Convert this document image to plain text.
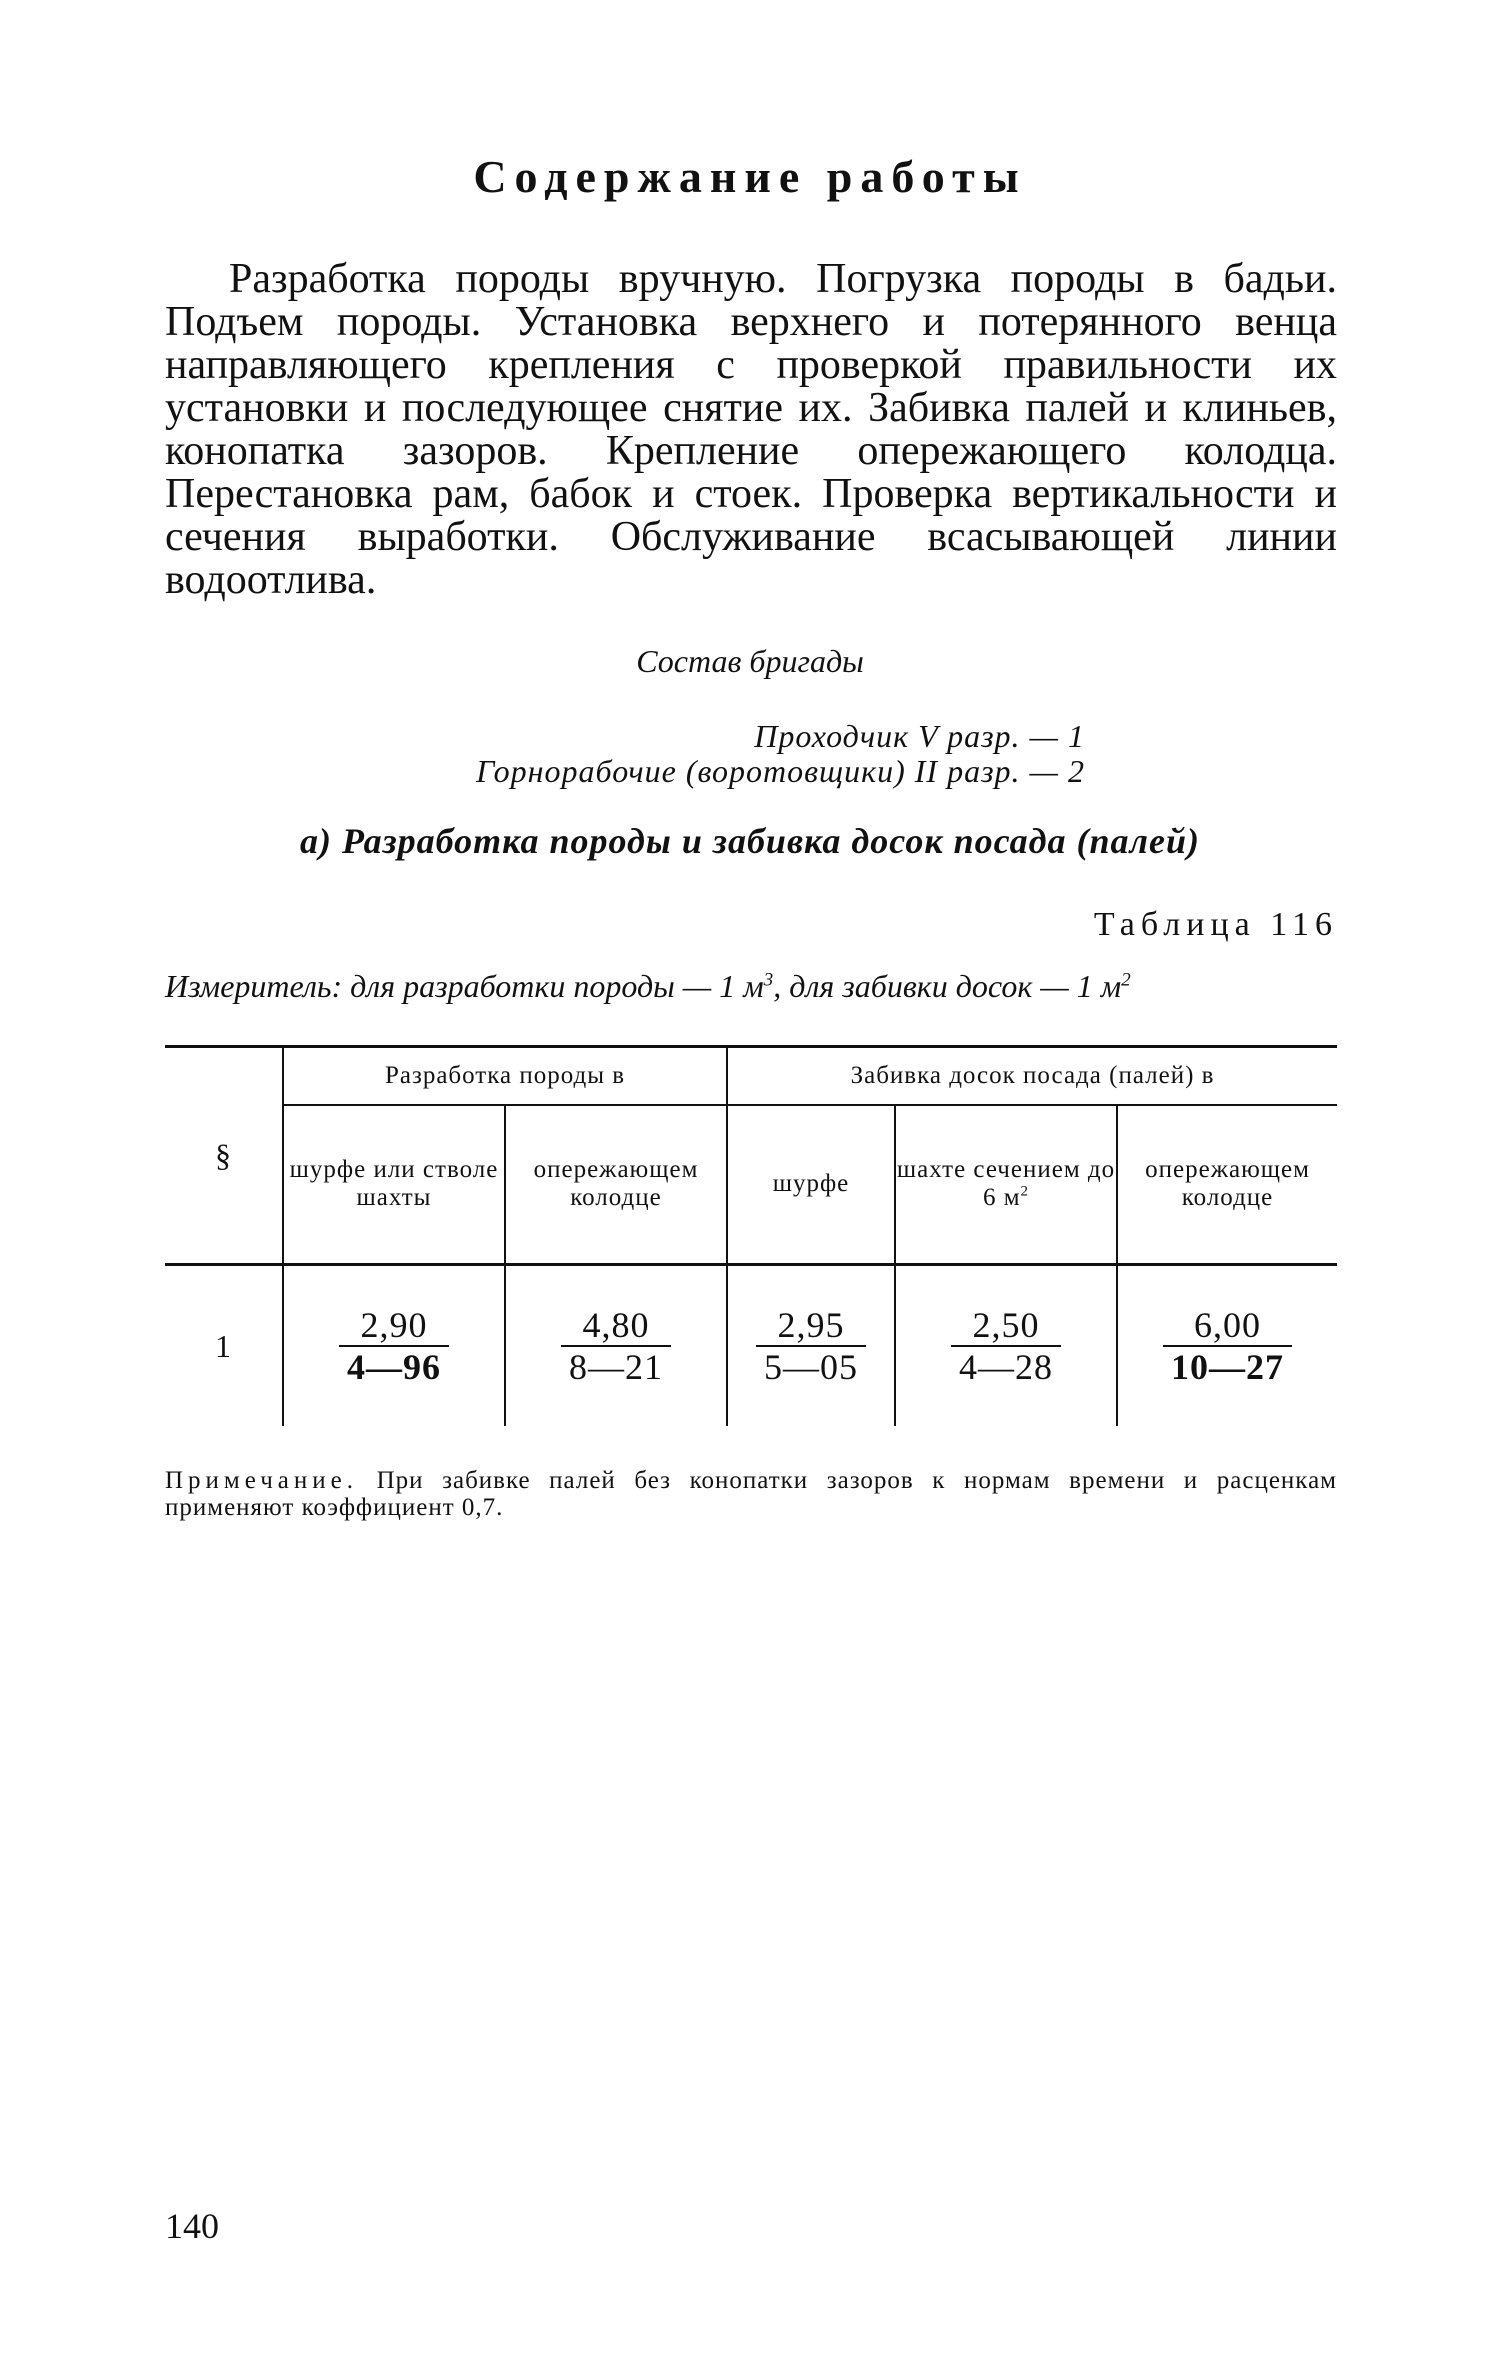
Содержание работы

Разработка породы вручную. Погрузка породы в бадьи. Подъем породы. Установка верхнего и потерянного венца направляющего крепления с проверкой правильности их установки и последующее снятие их. Забивка палей и клиньев, конопатка зазоров. Крепление опережающего колодца. Перестановка рам, бабок и стоек. Проверка вертикальности и сечения выработки. Обслуживание всасывающей линии водоотлива.

Состав бригады

Проходчик V разр. — 1

Горнорабочие (воротовщики) II разр. — 2

а) Разработка породы и забивка досок посада (палей)

Таблица 116

Измеритель: для разработки породы — 1 $м^3$, для забивки досок — 1 $м^2$

§	Разработка породы в		Забивка досок посада (палей) в		
	шурфе или стволе шахты	опережающем колодце	шурфе	шахте сечением до 6 $м^2$	опережающем колодце
1	$\frac{2,90}{4—96}$	$\frac{4,80}{8—21}$	$\frac{2,95}{5—05}$	$\frac{2,50}{4—28}$	$\frac{6,00}{10—27}$

Примечание. При забивке палей без конопатки зазоров к нормам времени и расценкам применяют коэффициент 0,7.

140
